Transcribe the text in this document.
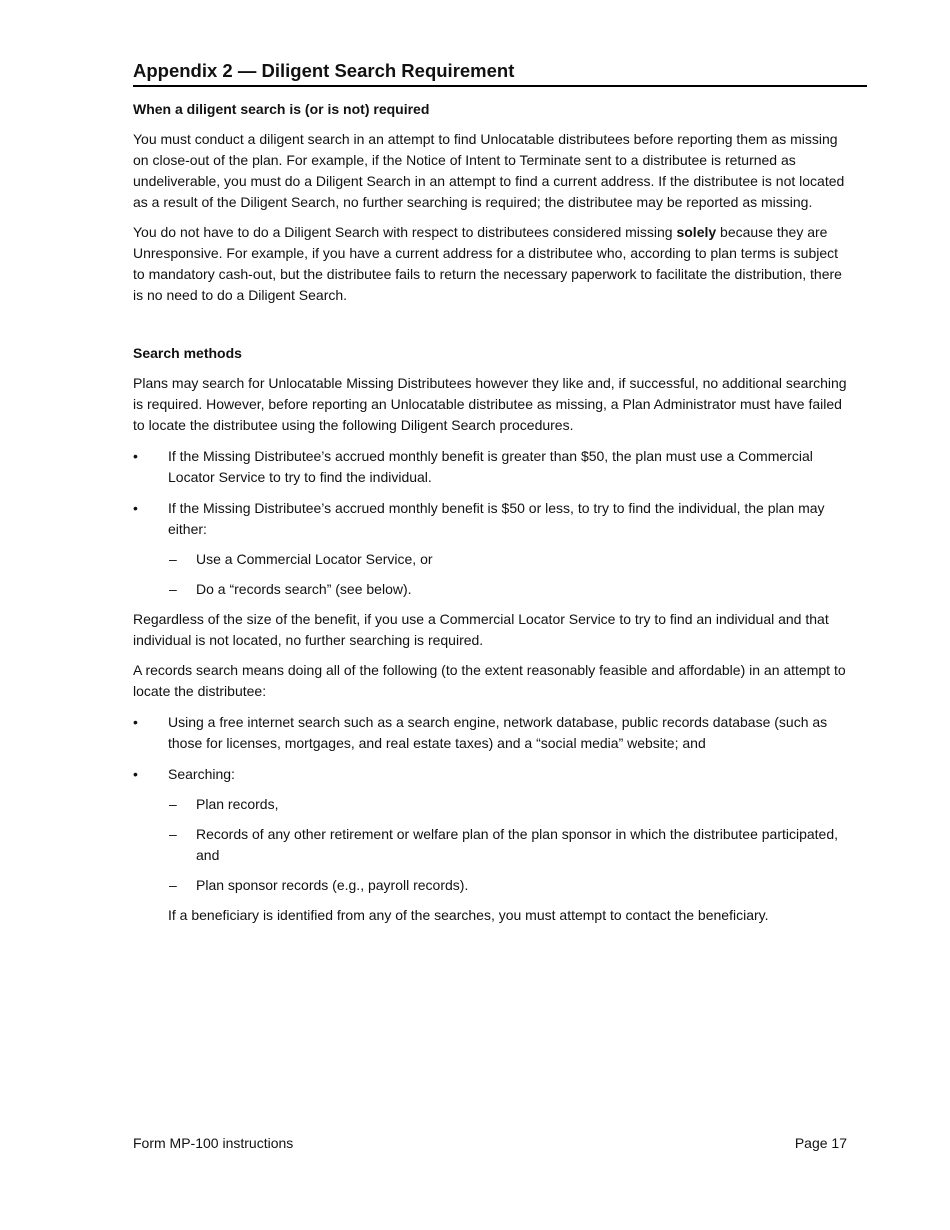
Appendix 2 — Diligent Search Requirement
When a diligent search is (or is not) required

You must conduct a diligent search in an attempt to find Unlocatable distributees before reporting them as missing on close-out of the plan. For example, if the Notice of Intent to Terminate sent to a distributee is returned as undeliverable, you must do a Diligent Search in an attempt to find a current address. If the distributee is not located as a result of the Diligent Search, no further searching is required; the distributee may be reported as missing.

You do not have to do a Diligent Search with respect to distributees considered missing solely because they are Unresponsive. For example, if you have a current address for a distributee who, according to plan terms is subject to mandatory cash-out, but the distributee fails to return the necessary paperwork to facilitate the distribution, there is no need to do a Diligent Search.

Search methods

Plans may search for Unlocatable Missing Distributees however they like and, if successful, no additional searching is required. However, before reporting an Unlocatable distributee as missing, a Plan Administrator must have failed to locate the distributee using the following Diligent Search procedures.

•	If the Missing Distributee’s accrued monthly benefit is greater than $50, the plan must use a Commercial Locator Service to try to find the individual.
•	If the Missing Distributee’s accrued monthly benefit is $50 or less, to try to find the individual, the plan may either:
–	Use a Commercial Locator Service, or
–	Do a “records search” (see below).

Regardless of the size of the benefit, if you use a Commercial Locator Service to try to find an individual and that individual is not located, no further searching is required.

A records search means doing all of the following (to the extent reasonably feasible and affordable) in an attempt to locate the distributee:

•	Using a free internet search such as a search engine, network database, public records database (such as those for licenses, mortgages, and real estate taxes) and a “social media” website; and
•	Searching:
–	Plan records,
–	Records of any other retirement or welfare plan of the plan sponsor in which the distributee participated, and
–	Plan sponsor records (e.g., payroll records).

If a beneficiary is identified from any of the searches, you must attempt to contact the beneficiary.

Form MP-100 instructions	Page 17
